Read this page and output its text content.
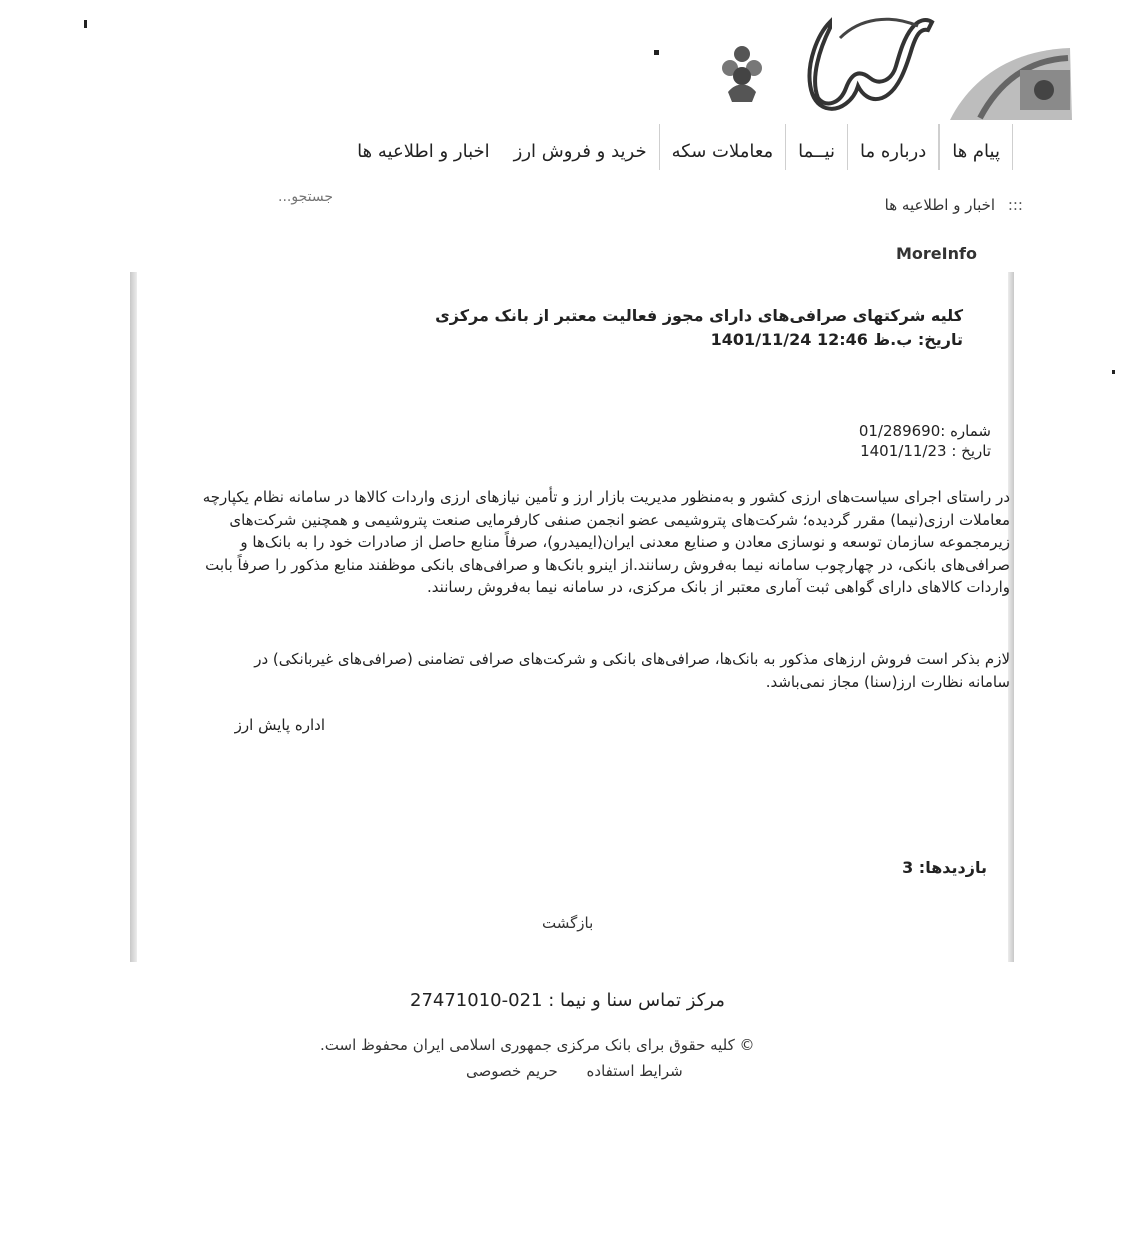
سنا
اخبار و اطلاعیه ها	خرید و فروش ارز	معاملات سکه	نیــما	درباره ما	پیام ها
::: اخبار و اطلاعیه ها
جستجو...
MoreInfo
کلیه شرکتهای صرافی‌های دارای مجوز فعالیت معتبر از بانک مرکزی
تاریخ: ب.ظ 12:46 1401/11/24
شماره :01/289690
تاریخ : 1401/11/23
در راستای اجرای سیاست‌های ارزی کشور و به‌منظور مدیریت بازار ارز و تأمین نیازهای ارزی واردات کالاها در سامانه نظام یکپارچه معاملات ارزی(نیما) مقرر گردیده؛ شرکت‌های پتروشیمی عضو انجمن صنفی کارفرمایی صنعت پتروشیمی و همچنین شرکت‌های زیرمجموعه سازمان توسعه و نوسازی معادن و صنایع معدنی ایران(ایمیدرو)، صرفاً منابع حاصل از صادرات خود را به بانک‌ها و صرافی‌های بانکی، در چهارچوب سامانه نیما به‌فروش رسانند.از اینرو بانک‌ها و صرافی‌های بانکی موظفند منابع مذکور را صرفاً بابت واردات کالاهای دارای گواهی ثبت آماری معتبر از بانک مرکزی، در سامانه نیما به‌فروش رسانند.
لازم بذکر است فروش ارزهای مذکور به بانک‌ها، صرافی‌های بانکی و شرکت‌های صرافی تضامنی (صرافی‌های غیربانکی) در سامانه نظارت ارز(سنا) مجاز نمی‌باشد.
اداره پایش ارز
بازدیدها: 3
بازگشت
مرکز تماس سنا و نیما : 021-27471010
© کلیه حقوق برای بانک مرکزی جمهوری اسلامی ایران محفوظ است.
شرایط استفاده حریم خصوصی
